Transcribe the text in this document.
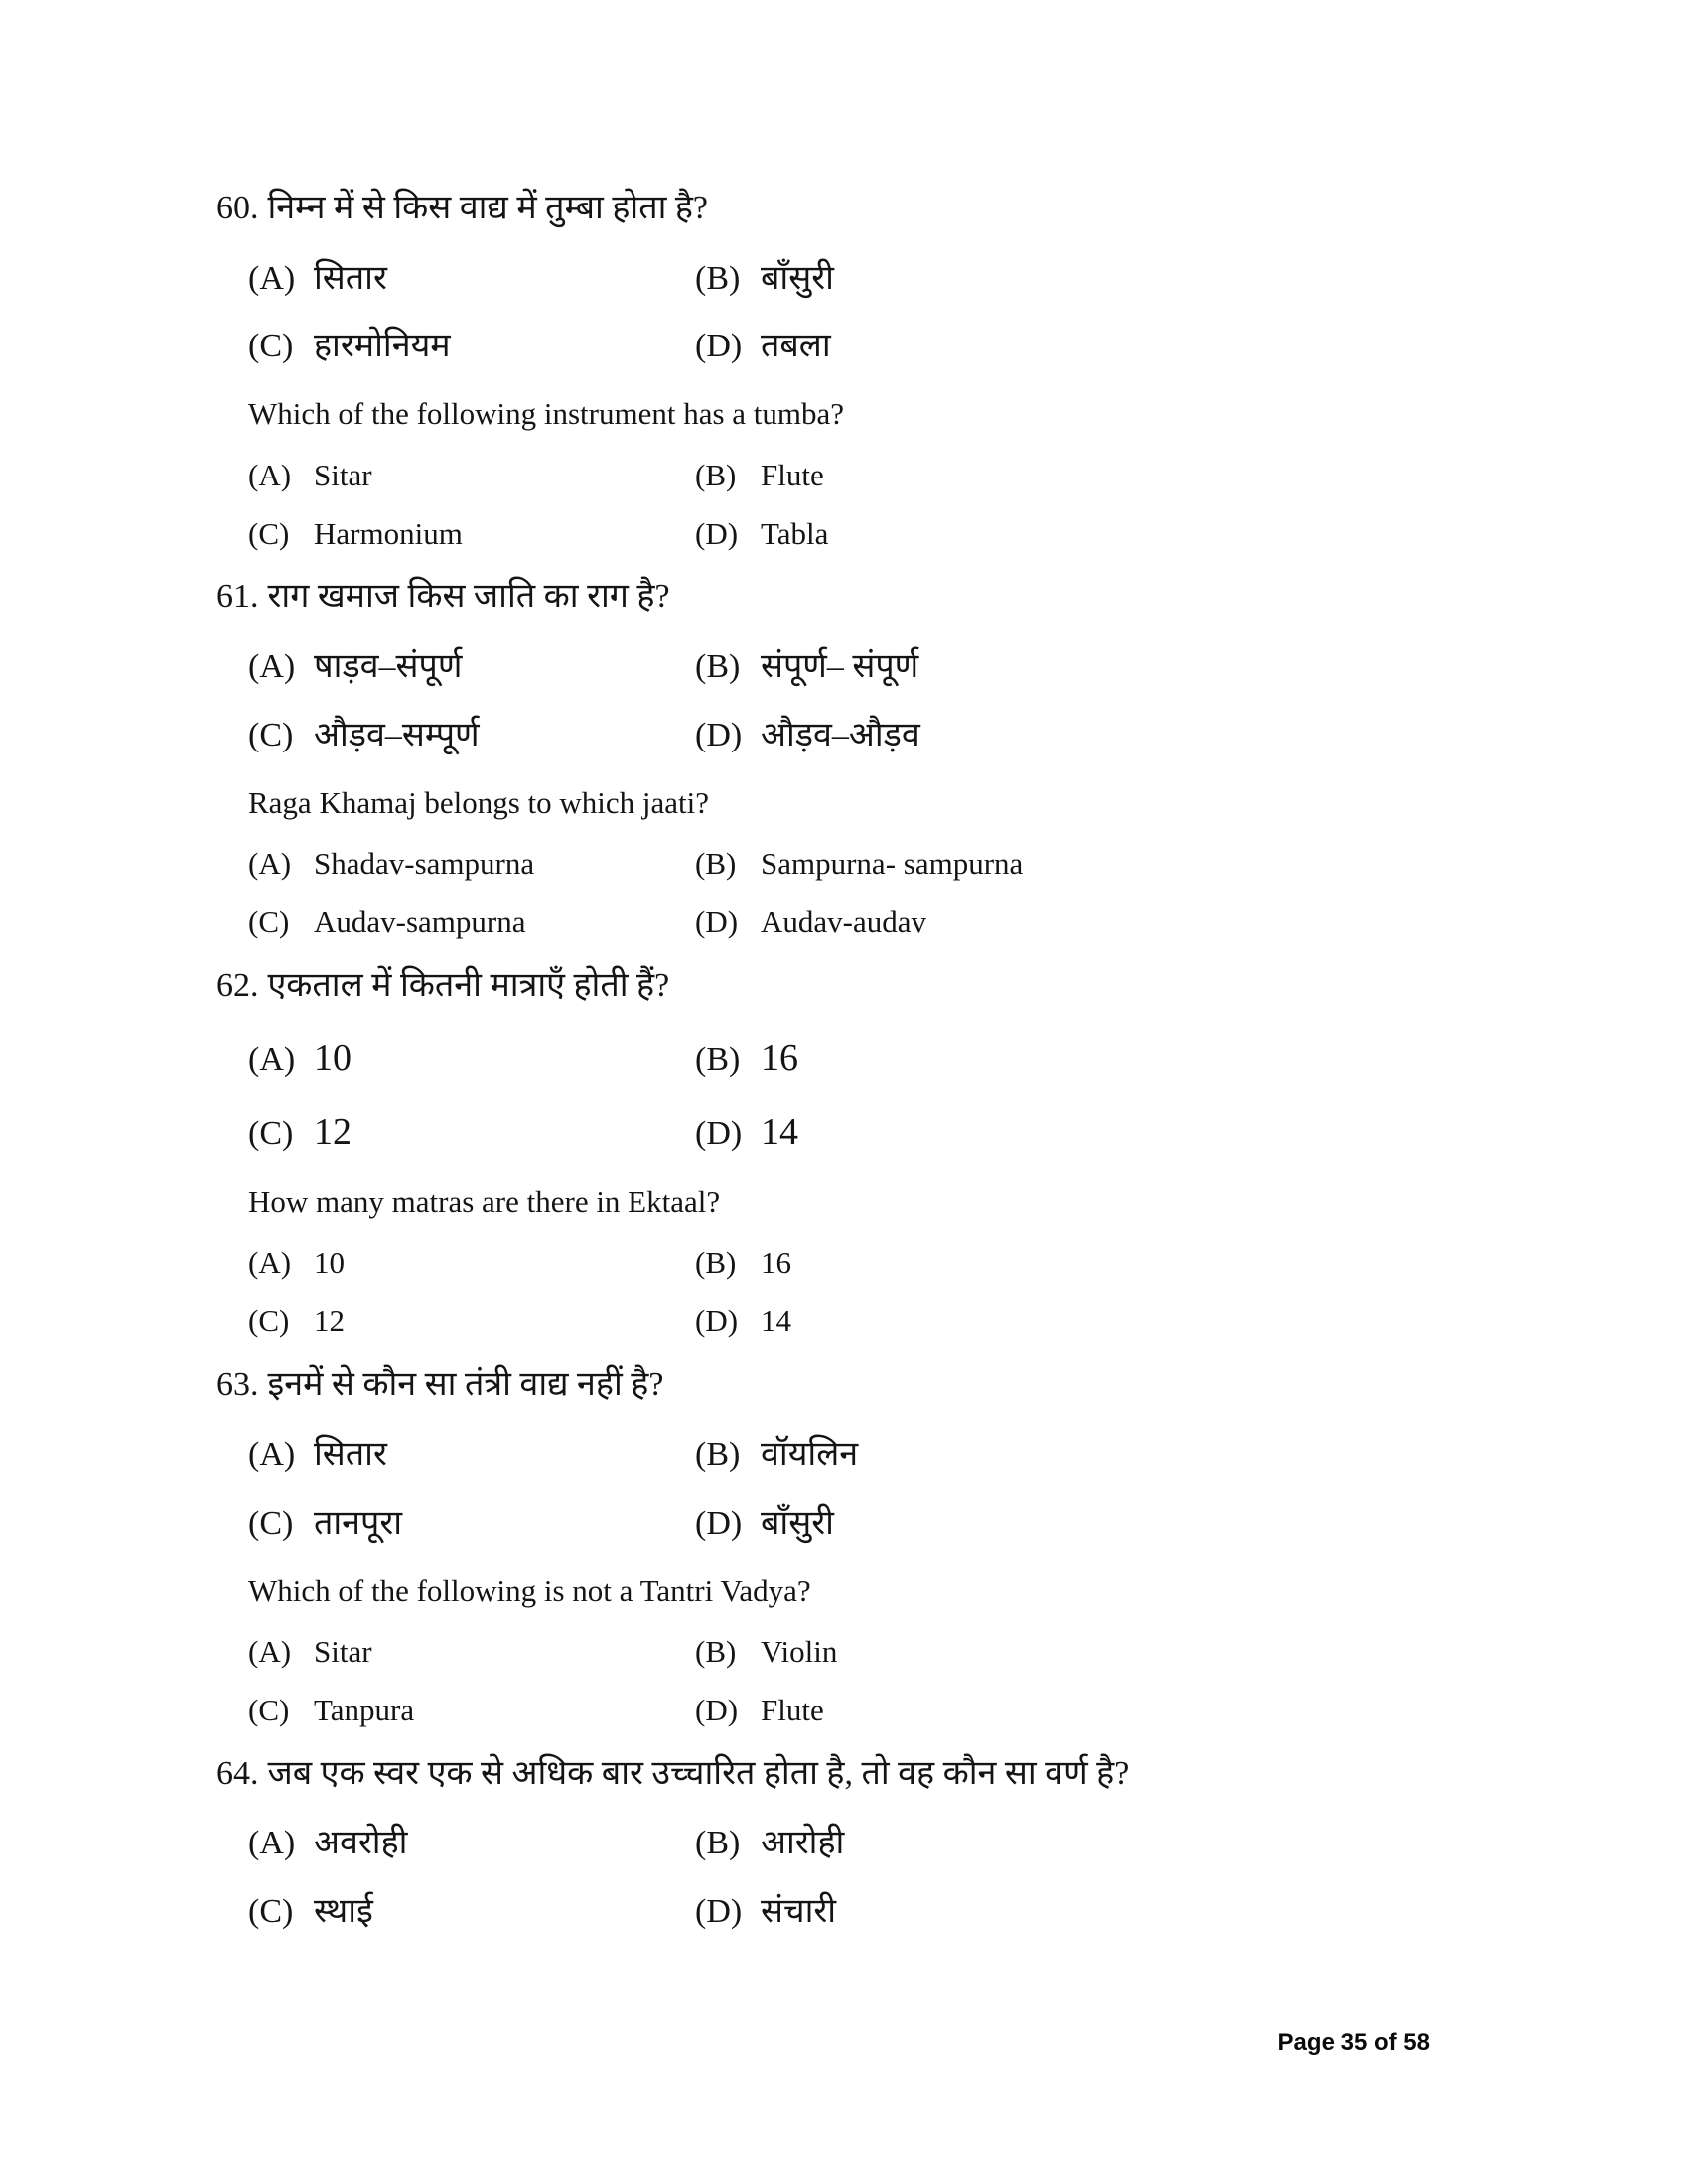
60. निम्न में से किस वाद्य में तुम्बा होता है?
(A) सितार	(B) बाँसुरी
(C) हारमोनियम	(D) तबला
Which of the following instrument has a tumba?
(A) Sitar	(B) Flute
(C) Harmonium	(D) Tabla
61. राग खमाज किस जाति का राग है?
(A) षाड़व–संपूर्ण	(B) संपूर्ण– संपूर्ण
(C) औड़व–सम्पूर्ण	(D) औड़व–औड़व
Raga Khamaj belongs to which jaati?
(A) Shadav-sampurna	(B) Sampurna- sampurna
(C) Audav-sampurna	(D) Audav-audav
62. एकताल में कितनी मात्राएँ होती हैं?
(A) 10	(B) 16
(C) 12	(D) 14
How many matras are there in Ektaal?
(A) 10	(B) 16
(C) 12	(D) 14
63. इनमें से कौन सा तंत्री वाद्य नहीं है?
(A) सितार	(B) वॉयलिन
(C) तानपूरा	(D) बाँसुरी
Which of the following is not a Tantri Vadya?
(A) Sitar	(B) Violin
(C) Tanpura	(D) Flute
64. जब एक स्वर एक से अधिक बार उच्चारित होता है, तो वह कौन सा वर्ण है?
(A) अवरोही	(B) आरोही
(C) स्थाई	(D) संचारी
Page 35 of 58
